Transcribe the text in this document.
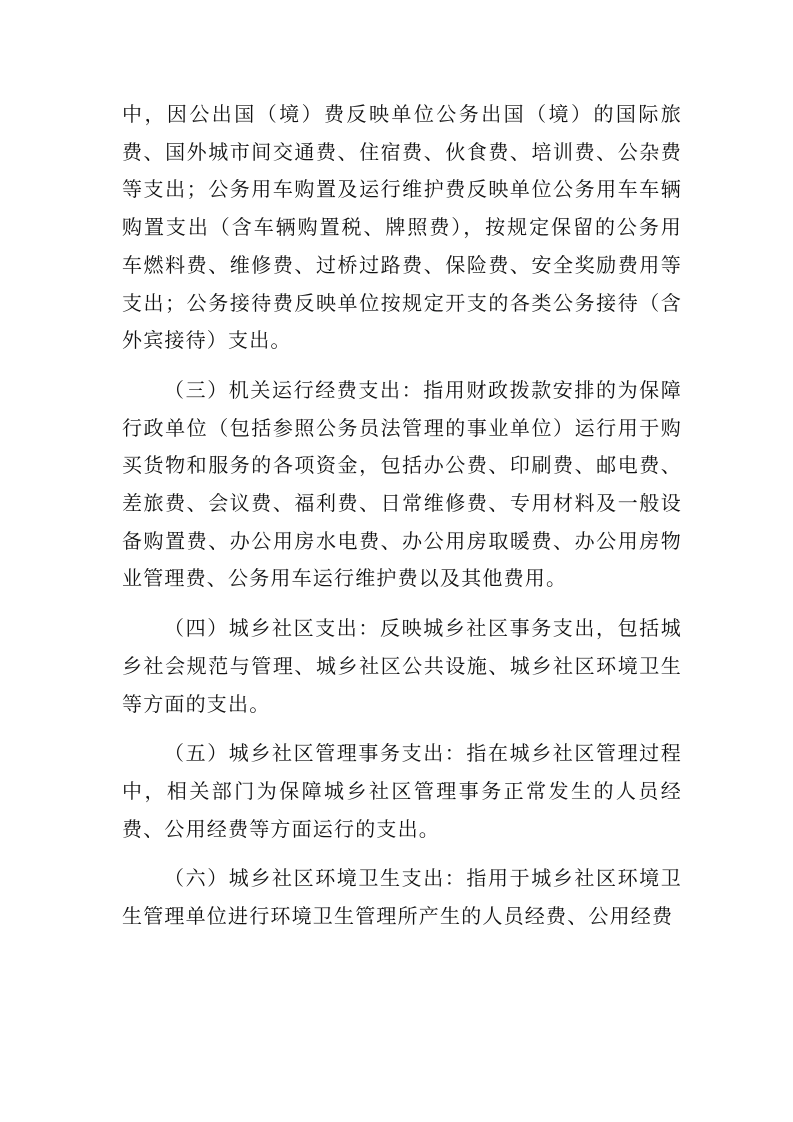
中，因公出国（境）费反映单位公务出国（境）的国际旅费、国外城市间交通费、住宿费、伙食费、培训费、公杂费等支出；公务用车购置及运行维护费反映单位公务用车车辆购置支出（含车辆购置税、牌照费），按规定保留的公务用车燃料费、维修费、过桥过路费、保险费、安全奖励费用等支出；公务接待费反映单位按规定开支的各类公务接待（含外宾接待）支出。

（三）机关运行经费支出：指用财政拨款安排的为保障行政单位（包括参照公务员法管理的事业单位）运行用于购买货物和服务的各项资金，包括办公费、印刷费、邮电费、差旅费、会议费、福利费、日常维修费、专用材料及一般设备购置费、办公用房水电费、办公用房取暖费、办公用房物业管理费、公务用车运行维护费以及其他费用。

（四）城乡社区支出：反映城乡社区事务支出，包括城乡社会规范与管理、城乡社区公共设施、城乡社区环境卫生等方面的支出。

（五）城乡社区管理事务支出：指在城乡社区管理过程中，相关部门为保障城乡社区管理事务正常发生的人员经费、公用经费等方面运行的支出。

（六）城乡社区环境卫生支出：指用于城乡社区环境卫生管理单位进行环境卫生管理所产生的人员经费、公用经费
